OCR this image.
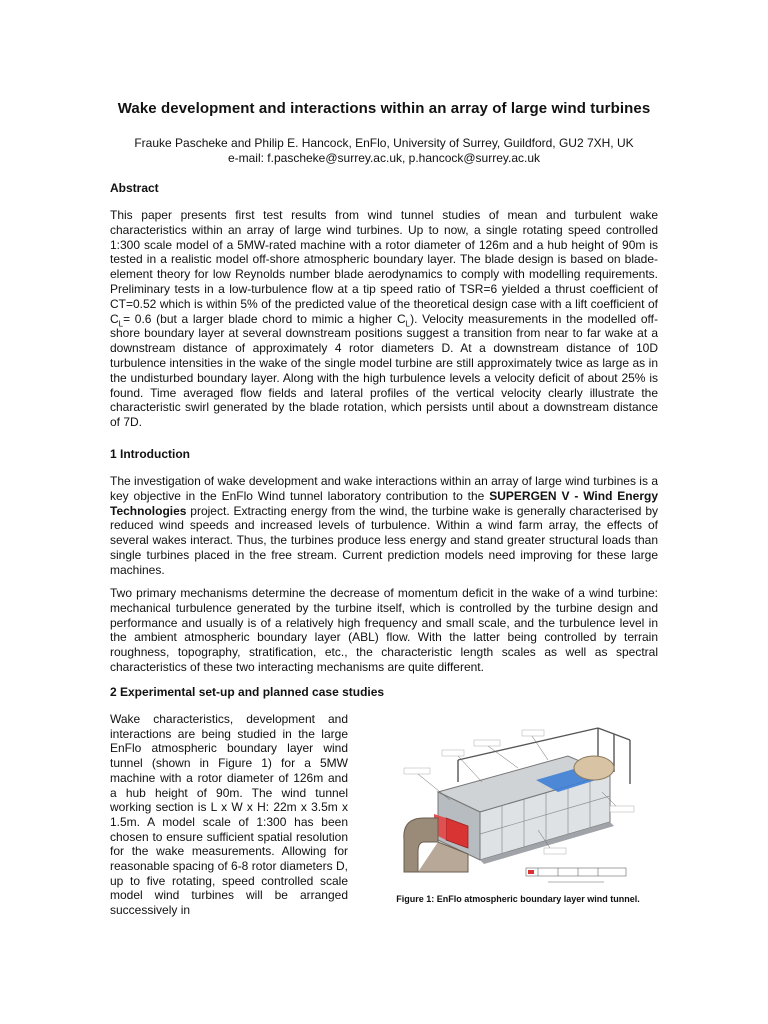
Wake development and interactions within an array of large wind turbines
Frauke Pascheke and Philip E. Hancock, EnFlo, University of Surrey, Guildford, GU2 7XH, UK
e-mail: f.pascheke@surrey.ac.uk, p.hancock@surrey.ac.uk
Abstract
This paper presents first test results from wind tunnel studies of mean and turbulent wake characteristics within an array of large wind turbines. Up to now, a single rotating speed controlled 1:300 scale model of a 5MW-rated machine with a rotor diameter of 126m and a hub height of 90m is tested in a realistic model off-shore atmospheric boundary layer. The blade design is based on blade-element theory for low Reynolds number blade aerodynamics to comply with modelling requirements. Preliminary tests in a low-turbulence flow at a tip speed ratio of TSR=6 yielded a thrust coefficient of CT=0.52 which is within 5% of the predicted value of the theoretical design case with a lift coefficient of $C_L= 0.6$ (but a larger blade chord to mimic a higher $C_L$). Velocity measurements in the modelled off-shore boundary layer at several downstream positions suggest a transition from near to far wake at a downstream distance of approximately 4 rotor diameters D. At a downstream distance of 10D turbulence intensities in the wake of the single model turbine are still approximately twice as large as in the undisturbed boundary layer. Along with the high turbulence levels a velocity deficit of about 25% is found. Time averaged flow fields and lateral profiles of the vertical velocity clearly illustrate the characteristic swirl generated by the blade rotation, which persists until about a downstream distance of 7D.
1 Introduction
The investigation of wake development and wake interactions within an array of large wind turbines is a key objective in the EnFlo Wind tunnel laboratory contribution to the SUPERGEN V - Wind Energy Technologies project. Extracting energy from the wind, the turbine wake is generally characterised by reduced wind speeds and increased levels of turbulence. Within a wind farm array, the effects of several wakes interact. Thus, the turbines produce less energy and stand greater structural loads than single turbines placed in the free stream. Current prediction models need improving for these large machines.
Two primary mechanisms determine the decrease of momentum deficit in the wake of a wind turbine: mechanical turbulence generated by the turbine itself, which is controlled by the turbine design and performance and usually is of a relatively high frequency and small scale, and the turbulence level in the ambient atmospheric boundary layer (ABL) flow. With the latter being controlled by terrain roughness, topography, stratification, etc., the characteristic length scales as well as spectral characteristics of these two interacting mechanisms are quite different.
2 Experimental set-up and planned case studies
Wake characteristics, development and interactions are being studied in the large EnFlo atmospheric boundary layer wind tunnel (shown in Figure 1) for a 5MW machine with a rotor diameter of 126m and a hub height of 90m. The wind tunnel working section is L x W x H: 22m x 3.5m x 1.5m. A model scale of 1:300 has been chosen to ensure sufficient spatial resolution for the wake measurements. Allowing for reasonable spacing of 6-8 rotor diameters D, up to five rotating, speed controlled scale model wind turbines will be arranged successively in
Figure 1: EnFlo atmospheric boundary layer wind tunnel.
